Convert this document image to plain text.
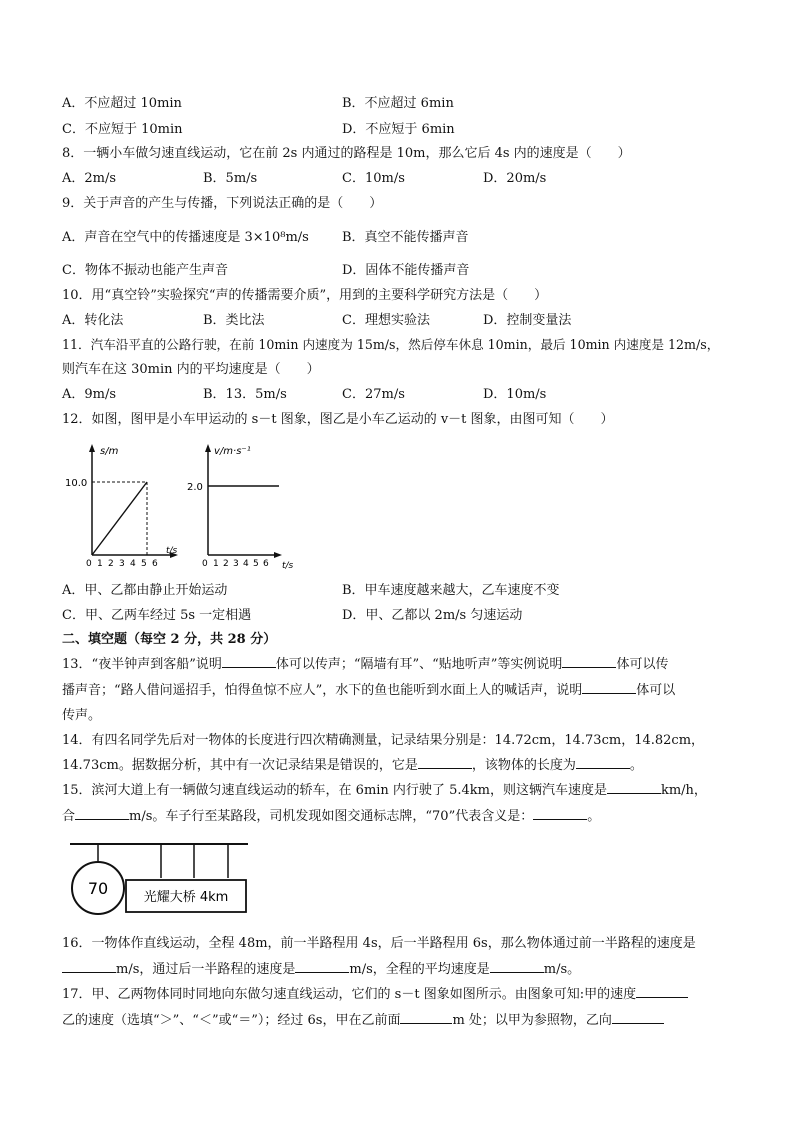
A．不应超过 10min	B．不应超过 6min
C．不应短于 10min	D．不应短于 6min
8．一辆小车做匀速直线运动，它在前 2s 内通过的路程是 10m，那么它后 4s 内的速度是（　　）
A．2m/s	B．5m/s	C．10m/s	D．20m/s
9．关于声音的产生与传播，下列说法正确的是（　　）
A．声音在空气中的传播速度是 3×10⁸m/s	B．真空不能传播声音
C．物体不振动也能产生声音	D．固体不能传播声音
10．用“真空铃”实验探究“声的传播需要介质”，用到的主要科学研究方法是（　　）
A．转化法	B．类比法	C．理想实验法	D．控制变量法
11．汽车沿平直的公路行驶，在前 10min 内速度为 15m/s，然后停车休息 10min，最后 10min 内速度是 12m/s，
则汽车在这 30min 内的平均速度是（　　）
A．9m/s	B．13．5m/s	C．27m/s	D．10m/s
12．如图，图甲是小车甲运动的 s－t 图象，图乙是小车乙运动的 v－t 图象，由图可知（　　）
s/m
10.0
0 1 2 3 4 5 6
t/s
v/m·s⁻¹
2.0
0 1 2 3 4 5 6 t/s
A．甲、乙都由静止开始运动	B．甲车速度越来越大，乙车速度不变
C．甲、乙两车经过 5s 一定相遇	D．甲、乙都以 2m/s 匀速运动
二、填空题（每空 2 分，共 28 分）
13．“夜半钟声到客船”说明	体可以传声；“隔墙有耳”、“贴地听声”等实例说明	体可以传
播声音；“路人借问遥招手，怕得鱼惊不应人”，水下的鱼也能听到水面上人的喊话声，说明	体可以
传声。
14．有四名同学先后对一物体的长度进行四次精确测量，记录结果分别是：14.72cm，14.73cm，14.82cm，
14.73cm。据数据分析，其中有一次记录结果是错误的，它是	，该物体的长度为	。
15．滨河大道上有一辆做匀速直线运动的轿车，在 6min 内行驶了 5.4km，则这辆汽车速度是	km/h，
合	m/s。车子行至某路段，司机发现如图交通标志牌，“70”代表含义是：	。
70	光耀大桥 4km
16．一物体作直线运动，全程 48m，前一半路程用 4s，后一半路程用 6s，那么物体通过前一半路程的速度是
m/s，通过后一半路程的速度是	m/s，全程的平均速度是	m/s。
17．甲、乙两物体同时同地向东做匀速直线运动，它们的 s－t 图象如图所示。由图象可知:甲的速度
乙的速度（选填“＞”、“＜”或“＝”）；经过 6s，甲在乙前面	m 处；以甲为参照物，乙向
